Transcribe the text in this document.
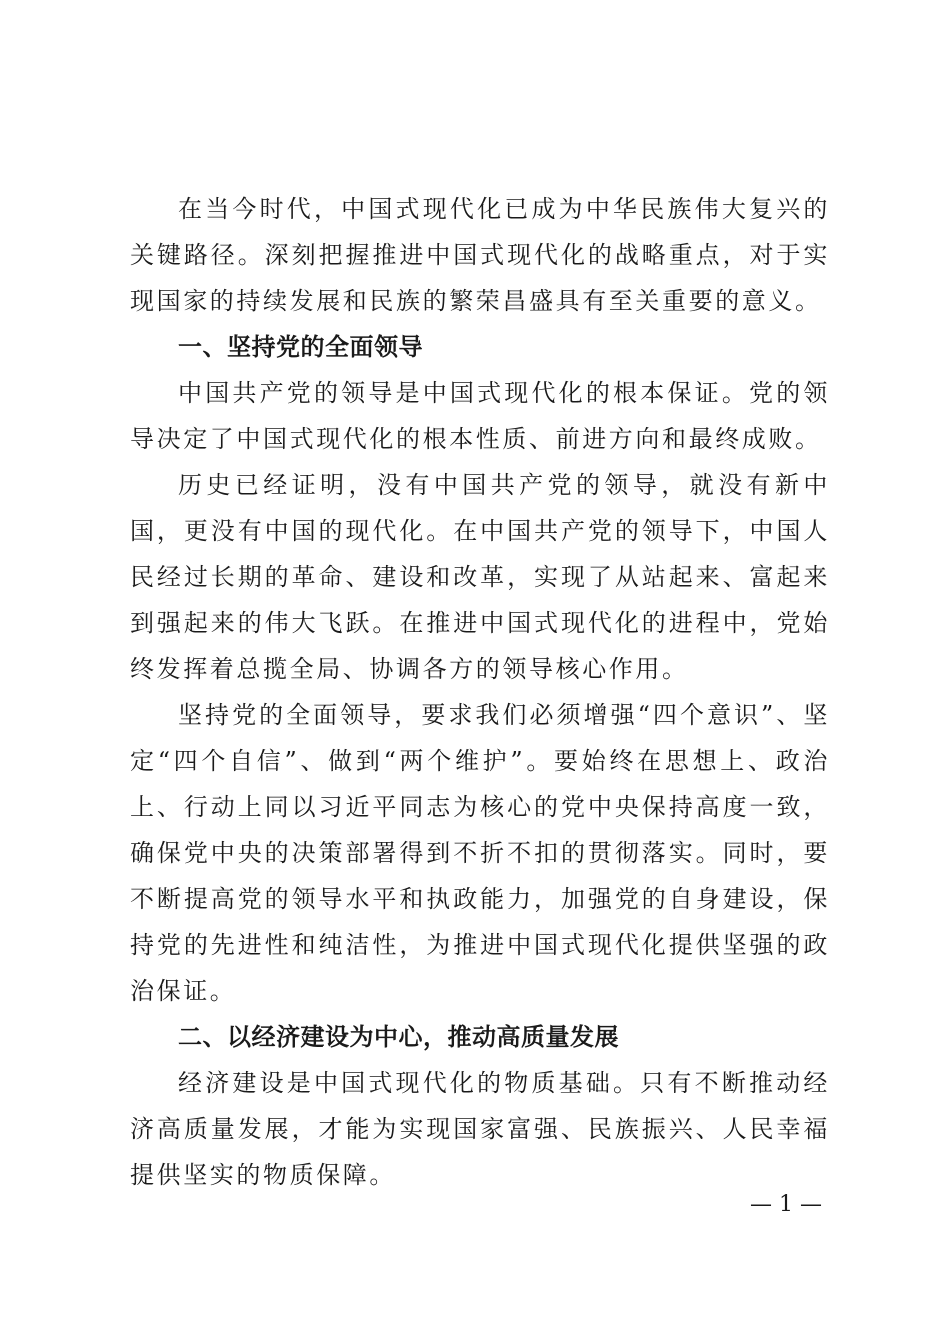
在当今时代，中国式现代化已成为中华民族伟大复兴的关键路径。深刻把握推进中国式现代化的战略重点，对于实现国家的持续发展和民族的繁荣昌盛具有至关重要的意义。

一、坚持党的全面领导

中国共产党的领导是中国式现代化的根本保证。党的领导决定了中国式现代化的根本性质、前进方向和最终成败。

历史已经证明，没有中国共产党的领导，就没有新中国，更没有中国的现代化。在中国共产党的领导下，中国人民经过长期的革命、建设和改革，实现了从站起来、富起来到强起来的伟大飞跃。在推进中国式现代化的进程中，党始终发挥着总揽全局、协调各方的领导核心作用。

坚持党的全面领导，要求我们必须增强“四个意识”、坚定“四个自信”、做到“两个维护”。要始终在思想上、政治上、行动上同以习近平同志为核心的党中央保持高度一致，确保党中央的决策部署得到不折不扣的贯彻落实。同时，要不断提高党的领导水平和执政能力，加强党的自身建设，保持党的先进性和纯洁性，为推进中国式现代化提供坚强的政治保证。

二、以经济建设为中心，推动高质量发展

经济建设是中国式现代化的物质基础。只有不断推动经济高质量发展，才能为实现国家富强、民族振兴、人民幸福提供坚实的物质保障。

— 1 —
